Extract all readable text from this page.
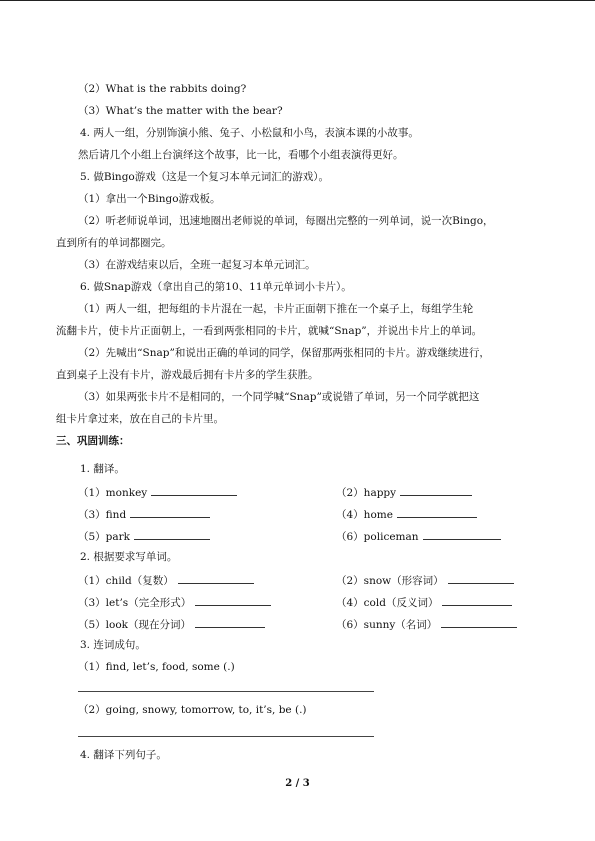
（2）What is the rabbits doing?
（3）What’s the matter with the bear?
4. 两人一组，分别饰演小熊、兔子、小松鼠和小鸟，表演本课的小故事。
然后请几个小组上台演绎这个故事，比一比，看哪个小组表演得更好。
5. 做Bingo游戏（这是一个复习本单元词汇的游戏）。
（1）拿出一个Bingo游戏板。
（2）听老师说单词，迅速地圈出老师说的单词，每圈出完整的一列单词，说一次Bingo，
直到所有的单词都圈完。
（3）在游戏结束以后，全班一起复习本单元词汇。
6. 做Snap游戏（拿出自己的第10、11单元单词小卡片）。
（1）两人一组，把每组的卡片混在一起，卡片正面朝下推在一个桌子上，每组学生轮
流翻卡片，使卡片正面朝上，一看到两张相同的卡片，就喊“Snap”，并说出卡片上的单词。
（2）先喊出“Snap”和说出正确的单词的同学，保留那两张相同的卡片。游戏继续进行，
直到桌子上没有卡片，游戏最后拥有卡片多的学生获胜。
（3）如果两张卡片不是相同的，一个同学喊“Snap”或说错了单词，另一个同学就把这
组卡片拿过来，放在自己的卡片里。
三、巩固训练：
1. 翻译。
（1）monkey	（2）happy
（3）find	（4）home
（5）park	（6）policeman
2. 根据要求写单词。
（1）child（复数）	（2）snow（形容词）
（3）let’s（完全形式）	（4）cold（反义词）
（5）look（现在分词）	（6）sunny（名词）
3. 连词成句。
（1）find, let’s, food, some (.)
（2）going, snowy, tomorrow, to, it’s, be (.)
4. 翻译下列句子。
2 / 3
